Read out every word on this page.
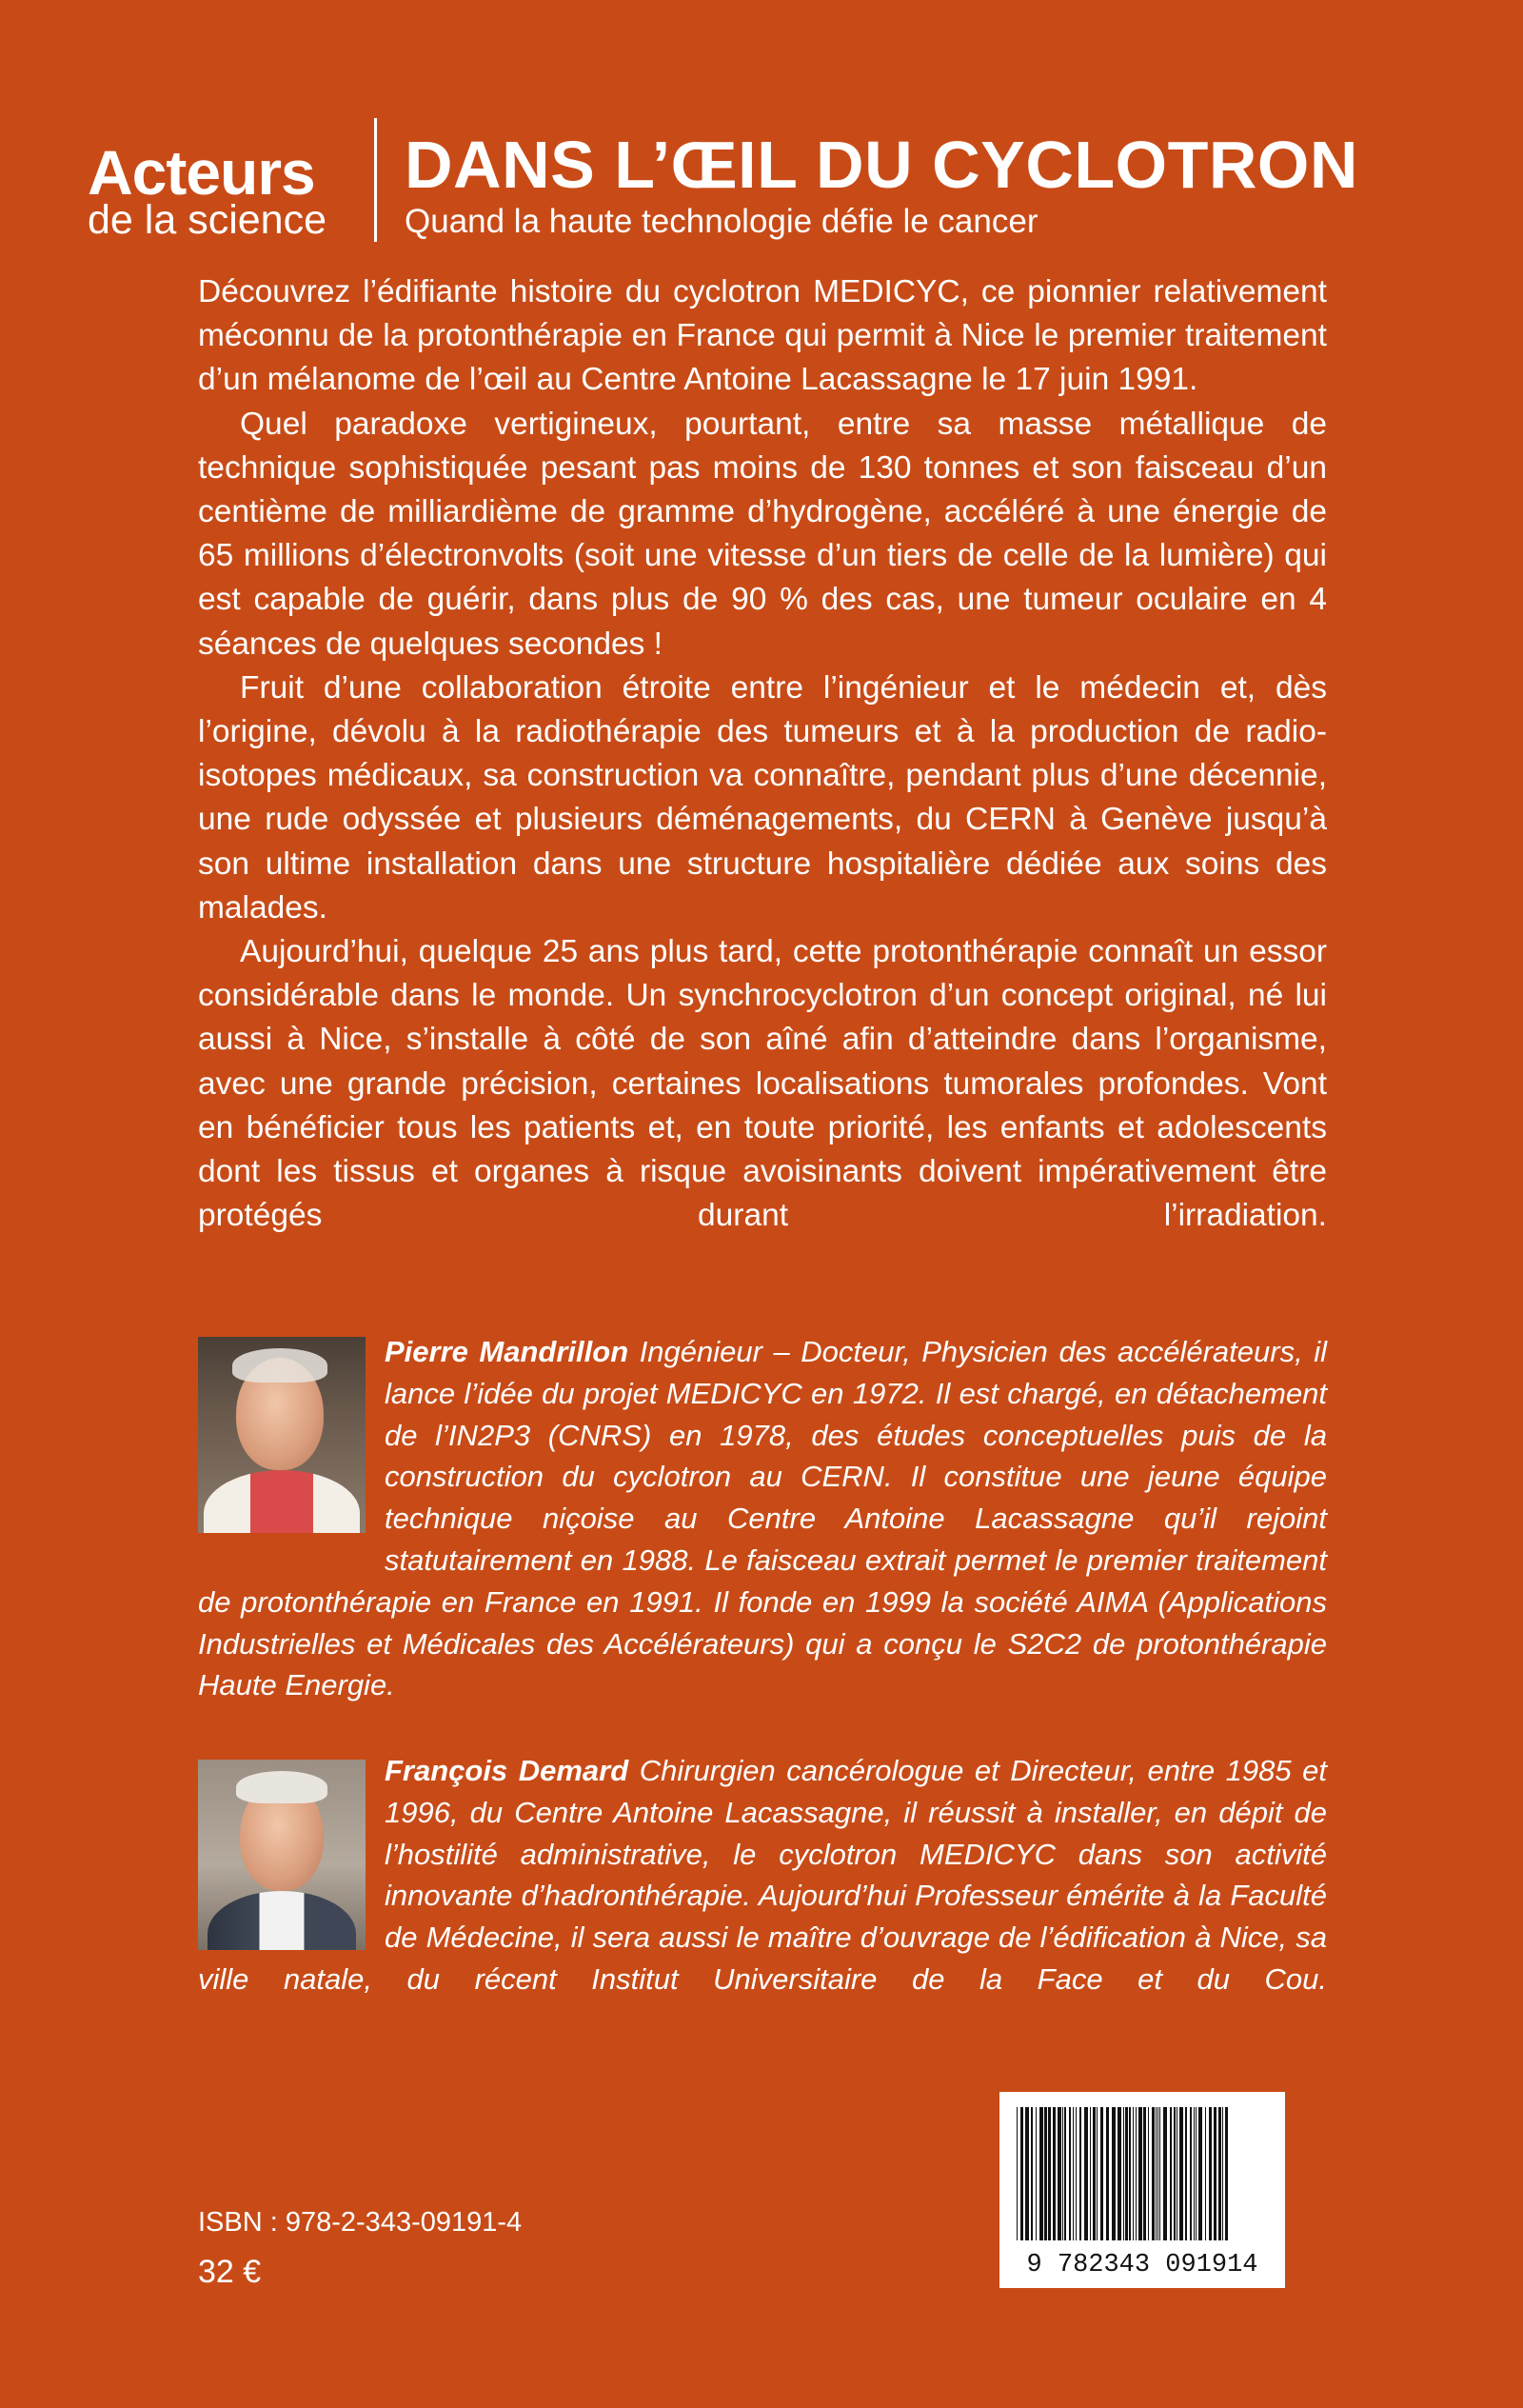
Acteurs
de la science
DANS L’ŒIL DU CYCLOTRON
Quand la haute technologie défie le cancer

Découvrez l’édifiante histoire du cyclotron MEDICYC, ce pionnier relativement méconnu de la protonthérapie en France qui permit à Nice le premier traitement d’un mélanome de l’œil au Centre Antoine Lacassagne le 17 juin 1991.

Quel paradoxe vertigineux, pourtant, entre sa masse métallique de technique sophistiquée pesant pas moins de 130 tonnes et son faisceau d’un centième de milliardième de gramme d’hydrogène, accéléré à une énergie de 65 millions d’électronvolts (soit une vitesse d’un tiers de celle de la lumière) qui est capable de guérir, dans plus de 90 % des cas, une tumeur oculaire en 4 séances de quelques secondes !

Fruit d’une collaboration étroite entre l’ingénieur et le médecin et, dès l’origine, dévolu à la radiothérapie des tumeurs et à la production de radio-isotopes médicaux, sa construction va connaître, pendant plus d’une décennie, une rude odyssée et plusieurs déménagements, du CERN à Genève jusqu’à son ultime installation dans une structure hospitalière dédiée aux soins des malades.

Aujourd’hui, quelque 25 ans plus tard, cette protonthérapie connaît un essor considérable dans le monde. Un synchrocyclotron d’un concept original, né lui aussi à Nice, s’installe à côté de son aîné afin d’atteindre dans l’organisme, avec une grande précision, certaines localisations tumorales profondes. Vont en bénéficier tous les patients et, en toute priorité, les enfants et adolescents dont les tissus et organes à risque avoisinants doivent impérativement être protégés durant l’irradiation.

Pierre Mandrillon Ingénieur – Docteur, Physicien des accélérateurs, il lance l’idée du projet MEDICYC en 1972. Il est chargé, en détachement de l’IN2P3 (CNRS) en 1978, des études conceptuelles puis de la construction du cyclotron au CERN. Il constitue une jeune équipe technique niçoise au Centre Antoine Lacassagne qu’il rejoint statutairement en 1988. Le faisceau extrait permet le premier traitement de protonthérapie en France en 1991. Il fonde en 1999 la société AIMA (Applications Industrielles et Médicales des Accélérateurs) qui a conçu le S2C2 de protonthérapie Haute Energie.

François Demard Chirurgien cancérologue et Directeur, entre 1985 et 1996, du Centre Antoine Lacassagne, il réussit à installer, en dépit de l’hostilité administrative, le cyclotron MEDICYC dans son activité innovante d’hadronthérapie. Aujourd’hui Professeur émérite à la Faculté de Médecine, il sera aussi le maître d’ouvrage de l’édification à Nice, sa ville natale, du récent Institut Universitaire de la Face et du Cou.

ISBN : 978-2-343-09191-4
32 €	9 782343 091914
